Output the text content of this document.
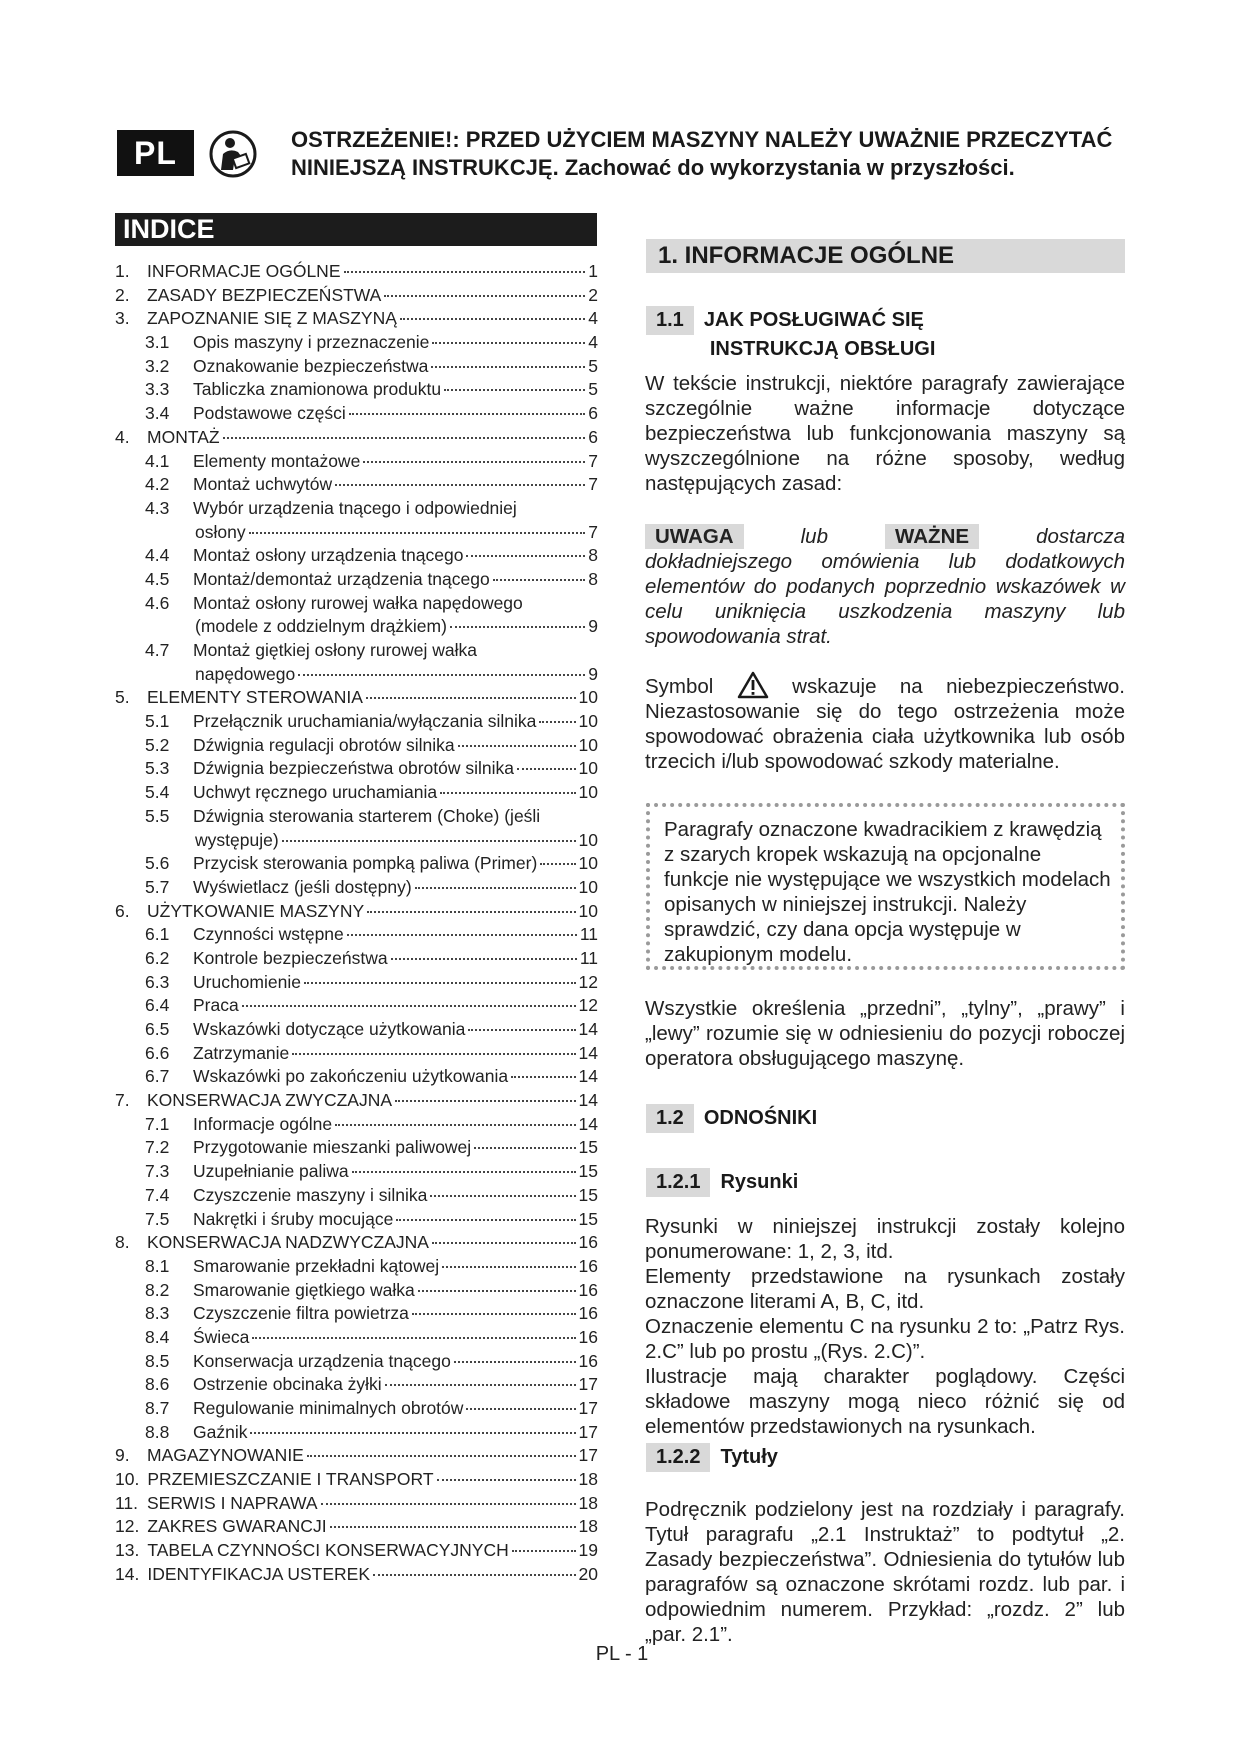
PL	OSTRZEŻENIE!: PRZED UŻYCIEM MASZYNY NALEŻY UWAŻNIE PRZECZYTAĆ
NINIEJSZĄ INSTRUKCJĘ. Zachować do wykorzystania w przyszłości.
INDICE
1. INFORMACJE OGÓLNE	1
2. ZASADY BEZPIECZEŃSTWA	2
3. ZAPOZNANIE SIĘ Z MASZYNĄ	4
3.1	Opis maszyny i przeznaczenie	4
3.2	Oznakowanie bezpieczeństwa	5
3.3	Tabliczka znamionowa produktu	5
3.4	Podstawowe części	6
4. MONTAŻ	6
4.1	Elementy montażowe	7
4.2	Montaż uchwytów	7
4.3	Wybór urządzenia tnącego i odpowiedniej
osłony	7
4.4	Montaż osłony urządzenia tnącego	8
4.5	Montaż/demontaż urządzenia tnącego	8
4.6	Montaż osłony rurowej wałka napędowego
(modele z oddzielnym drążkiem)	9
4.7	Montaż giętkiej osłony rurowej wałka
napędowego	9
5. ELEMENTY STEROWANIA	10
5.1	Przełącznik uruchamiania/wyłączania silnika 10
5.2	Dźwignia regulacji obrotów silnika	10
5.3	Dźwignia bezpieczeństwa obrotów silnika	10
5.4	Uchwyt ręcznego uruchamiania	10
5.5	Dźwignia sterowania starterem (Choke) (jeśli
występuje)	10
5.6	Przycisk sterowania pompką paliwa (Primer) 10
5.7	Wyświetlacz (jeśli dostępny)	10
6. UŻYTKOWANIE MASZYNY	10
6.1	Czynności wstępne	11
6.2	Kontrole bezpieczeństwa	11
6.3	Uruchomienie	12
6.4	Praca	12
6.5	Wskazówki dotyczące użytkowania	14
6.6	Zatrzymanie	14
6.7	Wskazówki po zakończeniu użytkowania	14
7. KONSERWACJA ZWYCZAJNA	14
7.1	Informacje ogólne	14
7.2	Przygotowanie mieszanki paliwowej	15
7.3	Uzupełnianie paliwa	15
7.4	Czyszczenie maszyny i silnika	15
7.5	Nakrętki i śruby mocujące	15
8. KONSERWACJA NADZWYCZAJNA	16
8.1	Smarowanie przekładni kątowej	16
8.2	Smarowanie giętkiego wałka	16
8.3	Czyszczenie filtra powietrza	16
8.4	Świeca	16
8.5	Konserwacja urządzenia tnącego	16
8.6	Ostrzenie obcinaka żyłki	17
8.7	Regulowanie minimalnych obrotów	17
8.8	Gaźnik	17
9. MAGAZYNOWANIE	17
10. PRZEMIESZCZANIE I TRANSPORT	18
11. SERWIS I NAPRAWA	18
12. ZAKRES GWARANCJI	18
13. TABELA CZYNNOŚCI KONSERWACYJNYCH	19
14. IDENTYFIKACJA USTEREK	20
1. INFORMACJE OGÓLNE
1.1 JAK POSŁUGIWAĆ SIĘ
INSTRUKCJĄ OBSŁUGI
W tekście instrukcji, niektóre paragrafy zawierające szczególnie ważne informacje dotyczące bezpieczeństwa lub funkcjonowania maszyny są wyszczególnione na różne sposoby, według następujących zasad:
UWAGA	lub	WAŻNE	dostarcza dokładniejszego omówienia lub dodatkowych elementów do podanych poprzednio wskazówek w celu uniknięcia uszkodzenia maszyny lub spowodowania strat.
Symbol	wskazuje na niebezpieczeństwo. Niezastosowanie się do tego ostrzeżenia może spowodować obrażenia ciała użytkownika lub osób trzecich i/lub spowodować szkody materialne.
Paragrafy oznaczone kwadracikiem z krawędzią z szarych kropek wskazują na opcjonalne funkcje nie występujące we wszystkich modelach opisanych w niniejszej instrukcji. Należy sprawdzić, czy dana opcja występuje w zakupionym modelu.
Wszystkie określenia „przedni”, „tylny”, „prawy” i „lewy” rozumie się w odniesieniu do pozycji roboczej operatora obsługującego maszynę.
1.2 ODNOŚNIKI
1.2.1 Rysunki
Rysunki w niniejszej instrukcji zostały kolejno ponumerowane: 1, 2, 3, itd.
Elementy przedstawione na rysunkach zostały oznaczone literami A, B, C, itd.
Oznaczenie elementu C na rysunku 2 to: „Patrz Rys. 2.C” lub po prostu „(Rys. 2.C)”.
Ilustracje mają charakter poglądowy. Części składowe maszyny mogą nieco różnić się od elementów przedstawionych na rysunkach.
1.2.2 Tytuły
Podręcznik podzielony jest na rozdziały i paragrafy. Tytuł paragrafu „2.1 Instruktaż” to podtytuł „2. Zasady bezpieczeństwa”. Odniesienia do tytułów lub paragrafów są oznaczone skrótami rozdz. lub par. i odpowiednim numerem. Przykład: „rozdz. 2” lub „par. 2.1”.
PL - 1
